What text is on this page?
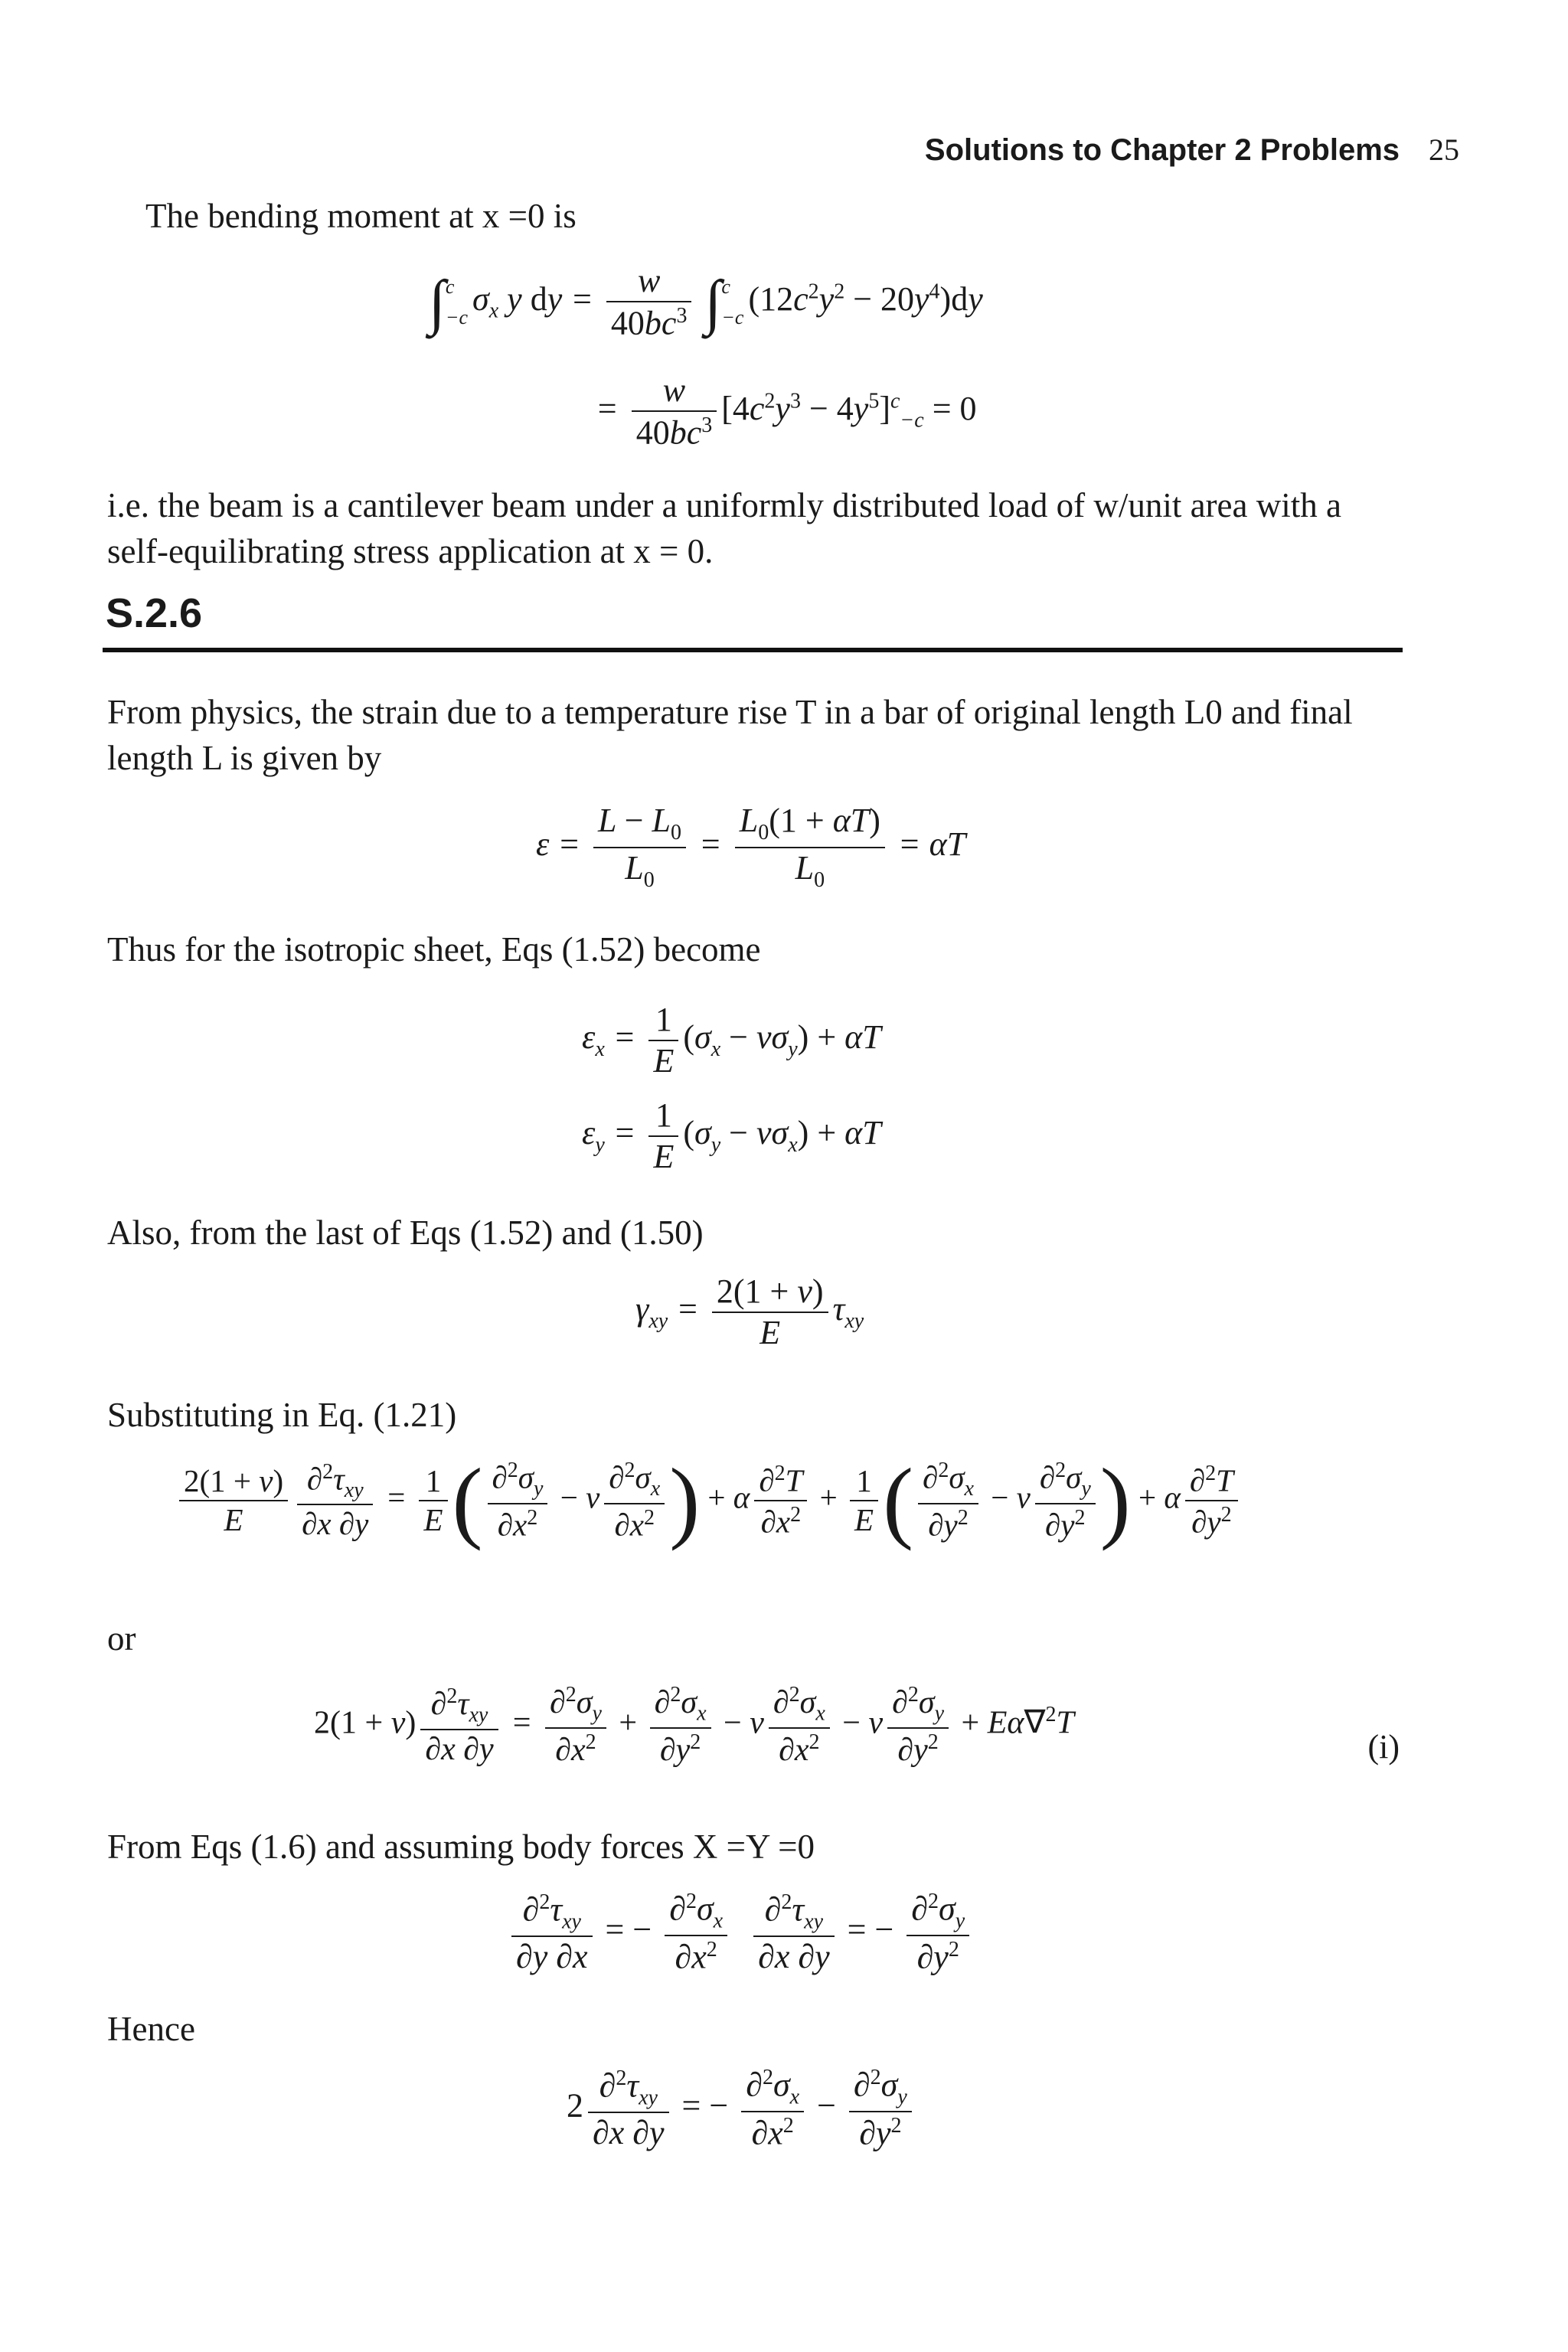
Solutions to Chapter 2 Problems 25
The bending moment at x =0 is
∫c
−c $\sigma_x$ y dy = $\frac{w}{40bc^3} \int c$
−c $(12c^2y^2 - 20y^4)dy$
= $\frac{w}{40bc^3} [4c^2y^3 - 4y^5]^c_{-c} = 0$
i.e. the beam is a cantilever beam under a uniformly distributed load of w/unit area with a self-equilibrating stress application at x = 0.
S.2.6
From physics, the strain due to a temperature rise T in a bar of original length L0 and final length L is given by
$\varepsilon = \frac{L - L_0}{L_0} = \frac{L_0(1 + \alpha T)}{L_0} = \alpha T$
Thus for the isotropic sheet, Eqs (1.52) become
$\varepsilon_x = \frac{1}{E} (\sigma_x - \nu\sigma_y) + \alpha T$
$\varepsilon_y = \frac{1}{E} (\sigma_y - \nu\sigma_x) + \alpha T$
Also, from the last of Eqs (1.52) and (1.50)
$\gamma_{xy} = \frac{2(1 + \nu)}{E} \tau_{xy}$
Substituting in Eq. (1.21)
$\frac{2(1 + \nu)}{E} \frac{\partial^2\tau_{xy}}{\partial x \partial y} = \frac{1}{E}$ ( $\frac{\partial^2\sigma_y}{\partial x^2} - \nu \frac{\partial^2\sigma_x}{\partial x^2}$ ) + α $\frac{\partial^2T}{\partial x^2} + \frac{1}{E}$ ( $\frac{\partial^2\sigma_x}{\partial y^2} - \nu \frac{\partial^2\sigma_y}{\partial y^2}$ ) + α $\frac{\partial^2T}{\partial y^2}$
or
$2(1 + \nu) \frac{\partial^2\tau_{xy}}{\partial x \partial y} = \frac{\partial^2\sigma_y}{\partial x^2} + \frac{\partial^2\sigma_x}{\partial y^2} - \nu \frac{\partial^2\sigma_x}{\partial x^2} - \nu \frac{\partial^2\sigma_y}{\partial y^2} + E\alpha\nabla^2T$
(i)
From Eqs (1.6) and assuming body forces X =Y =0
$\frac{\partial^2\tau_{xy}}{\partial y \partial x}$ = − $\frac{\partial^2\sigma_x}{\partial x^2}$
$\frac{\partial^2\tau_{xy}}{\partial x \partial y}$ = − $\frac{\partial^2\sigma_y}{\partial y^2}$
Hence
$2 \frac{\partial^2\tau_{xy}}{\partial x \partial y}$ = − $\frac{\partial^2\sigma_x}{\partial x^2} - \frac{\partial^2\sigma_y}{\partial y^2}$
